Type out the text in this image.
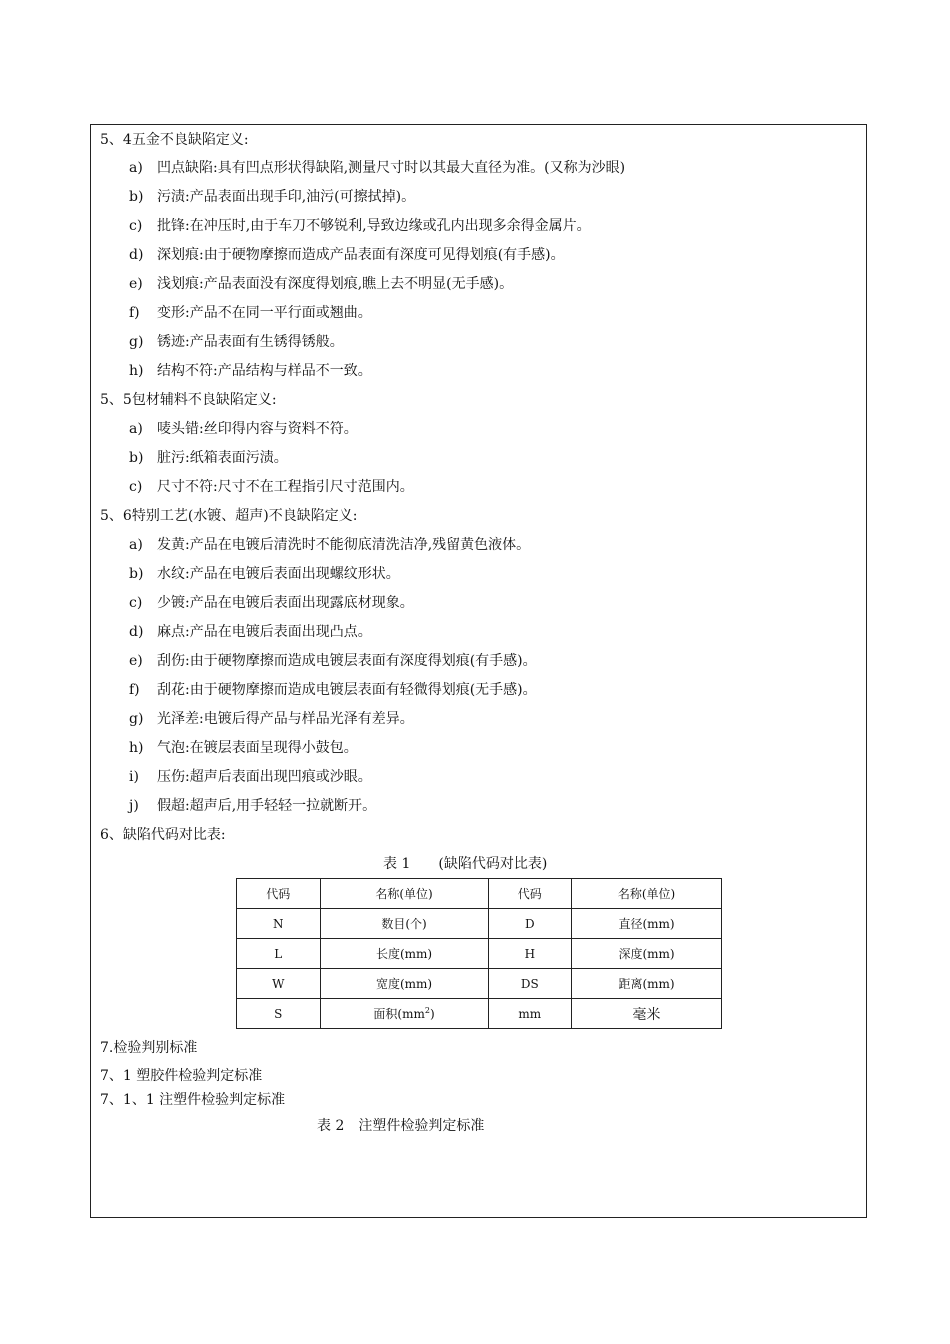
5、4五金不良缺陷定义:
a) 凹点缺陷:具有凹点形状得缺陷,测量尺寸时以其最大直径为准。(又称为沙眼)
b) 污渍:产品表面出现手印,油污(可擦拭掉)。
c) 批锋:在冲压时,由于车刀不够锐利,导致边缘或孔内出现多余得金属片。
d) 深划痕:由于硬物摩擦而造成产品表面有深度可见得划痕(有手感)。
e) 浅划痕:产品表面没有深度得划痕,瞧上去不明显(无手感)。
f) 变形:产品不在同一平行面或翘曲。
g) 锈迹:产品表面有生锈得锈般。
h) 结构不符:产品结构与样品不一致。
5、5包材辅料不良缺陷定义:
a) 唛头错:丝印得内容与资料不符。
b) 脏污:纸箱表面污渍。
c) 尺寸不符:尺寸不在工程指引尺寸范围内。
5、6特别工艺(水镀、超声)不良缺陷定义:
a) 发黄:产品在电镀后清洗时不能彻底清洗洁净,残留黄色液体。
b) 水纹:产品在电镀后表面出现螺纹形状。
c) 少镀:产品在电镀后表面出现露底材现象。
d) 麻点:产品在电镀后表面出现凸点。
e) 刮伤:由于硬物摩擦而造成电镀层表面有深度得划痕(有手感)。
f) 刮花:由于硬物摩擦而造成电镀层表面有轻微得划痕(无手感)。
g) 光泽差:电镀后得产品与样品光泽有差异。
h) 气泡:在镀层表面呈现得小鼓包。
i) 压伤:超声后表面出现凹痕或沙眼。
j) 假超:超声后,用手轻轻一拉就断开。
6、缺陷代码对比表:
表 1　　(缺陷代码对比表)
代码	名称(单位)	代码	名称(单位)
N	数目(个)	D	直径(mm)
L	长度(mm)	H	深度(mm)
W	宽度(mm)	DS	距离(mm)
S	面积$(mm^2)$	mm	毫米
7.检验判别标准
7、1 塑胶件检验判定标准
7、1、1 注塑件检验判定标准
表 2　注塑件检验判定标准
